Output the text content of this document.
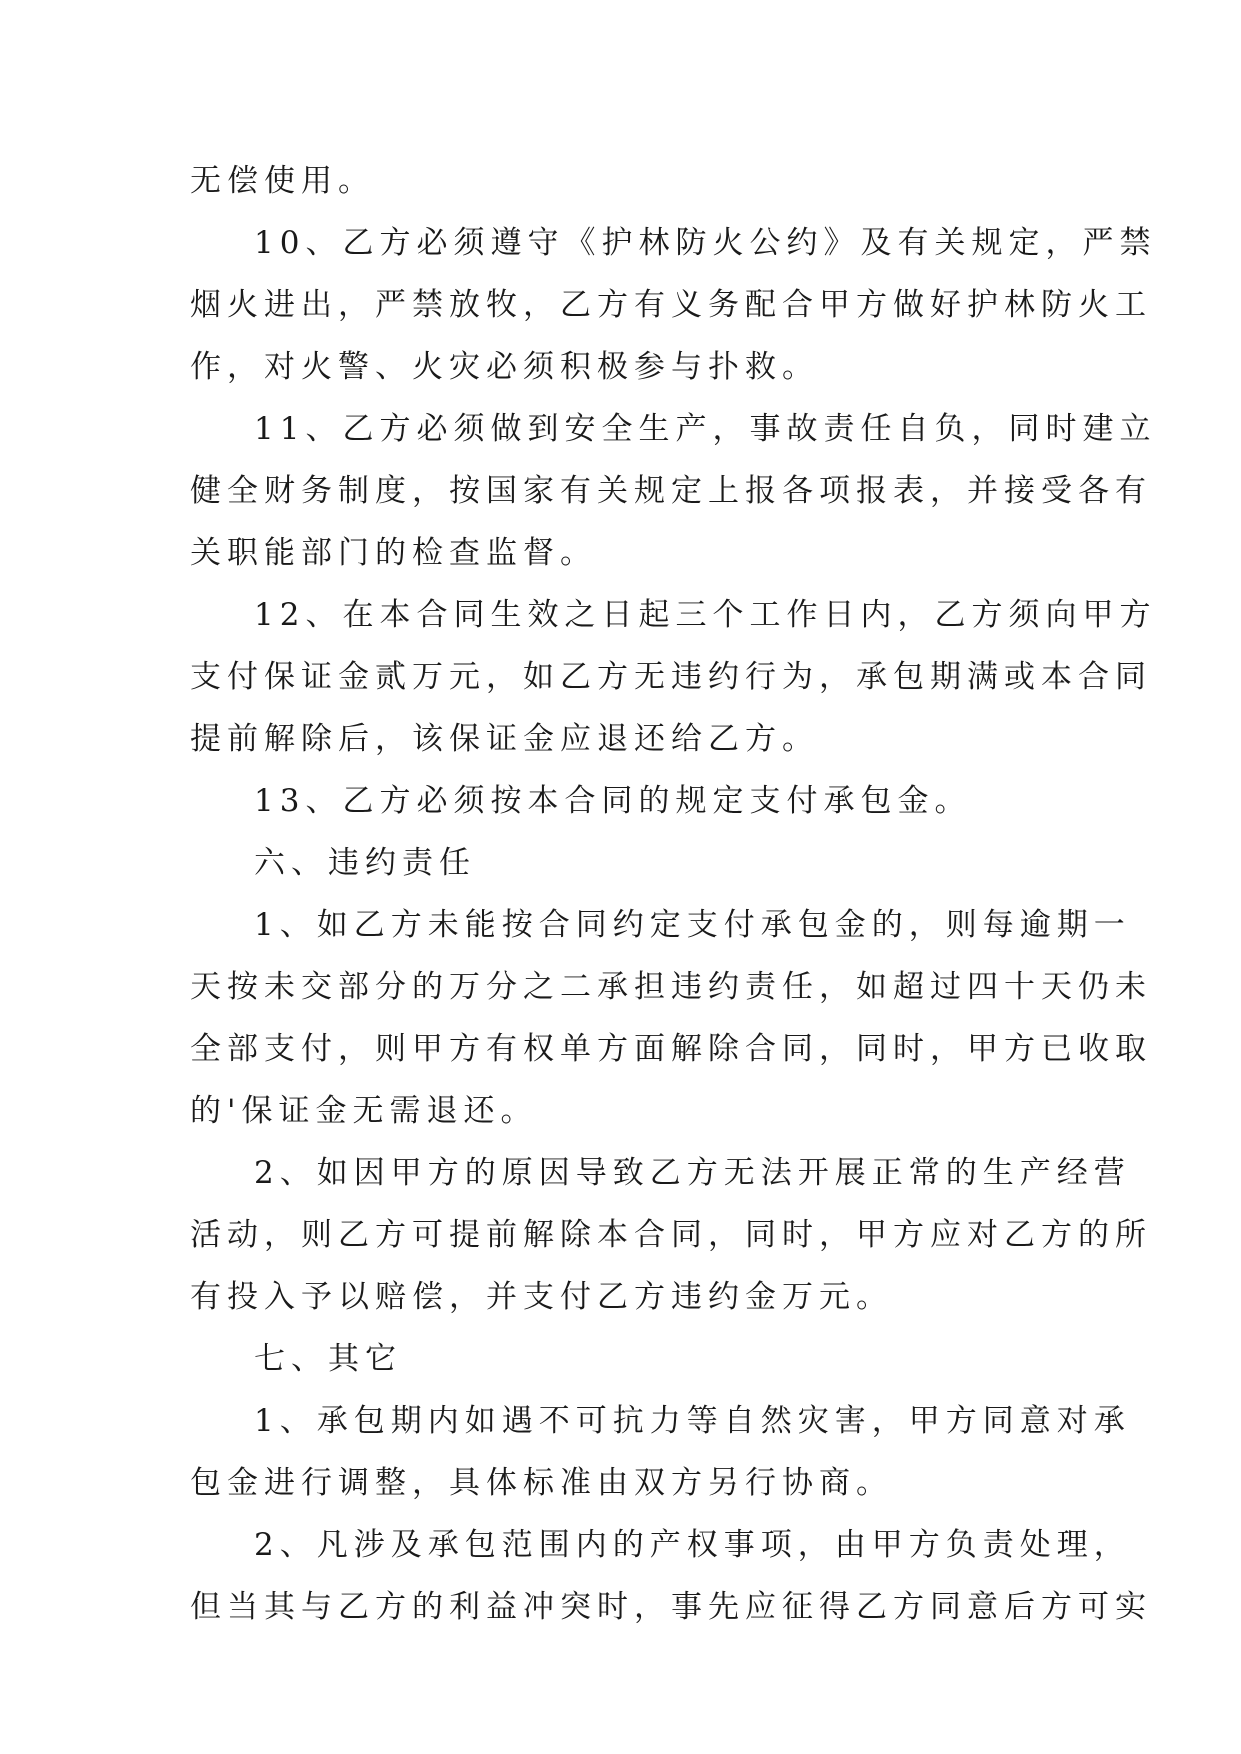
无偿使用。
10、乙方必须遵守《护林防火公约》及有关规定，严禁
烟火进出，严禁放牧，乙方有义务配合甲方做好护林防火工
作，对火警、火灾必须积极参与扑救。
11、乙方必须做到安全生产，事故责任自负，同时建立
健全财务制度，按国家有关规定上报各项报表，并接受各有
关职能部门的检查监督。
12、在本合同生效之日起三个工作日内，乙方须向甲方
支付保证金贰万元，如乙方无违约行为，承包期满或本合同
提前解除后，该保证金应退还给乙方。
13、乙方必须按本合同的规定支付承包金。
六、违约责任
1、如乙方未能按合同约定支付承包金的，则每逾期一
天按未交部分的万分之二承担违约责任，如超过四十天仍未
全部支付，则甲方有权单方面解除合同，同时，甲方已收取
的'保证金无需退还。
2、如因甲方的原因导致乙方无法开展正常的生产经营
活动，则乙方可提前解除本合同，同时，甲方应对乙方的所
有投入予以赔偿，并支付乙方违约金万元。
七、其它
1、承包期内如遇不可抗力等自然灾害，甲方同意对承
包金进行调整，具体标准由双方另行协商。
2、凡涉及承包范围内的产权事项，由甲方负责处理，
但当其与乙方的利益冲突时，事先应征得乙方同意后方可实
